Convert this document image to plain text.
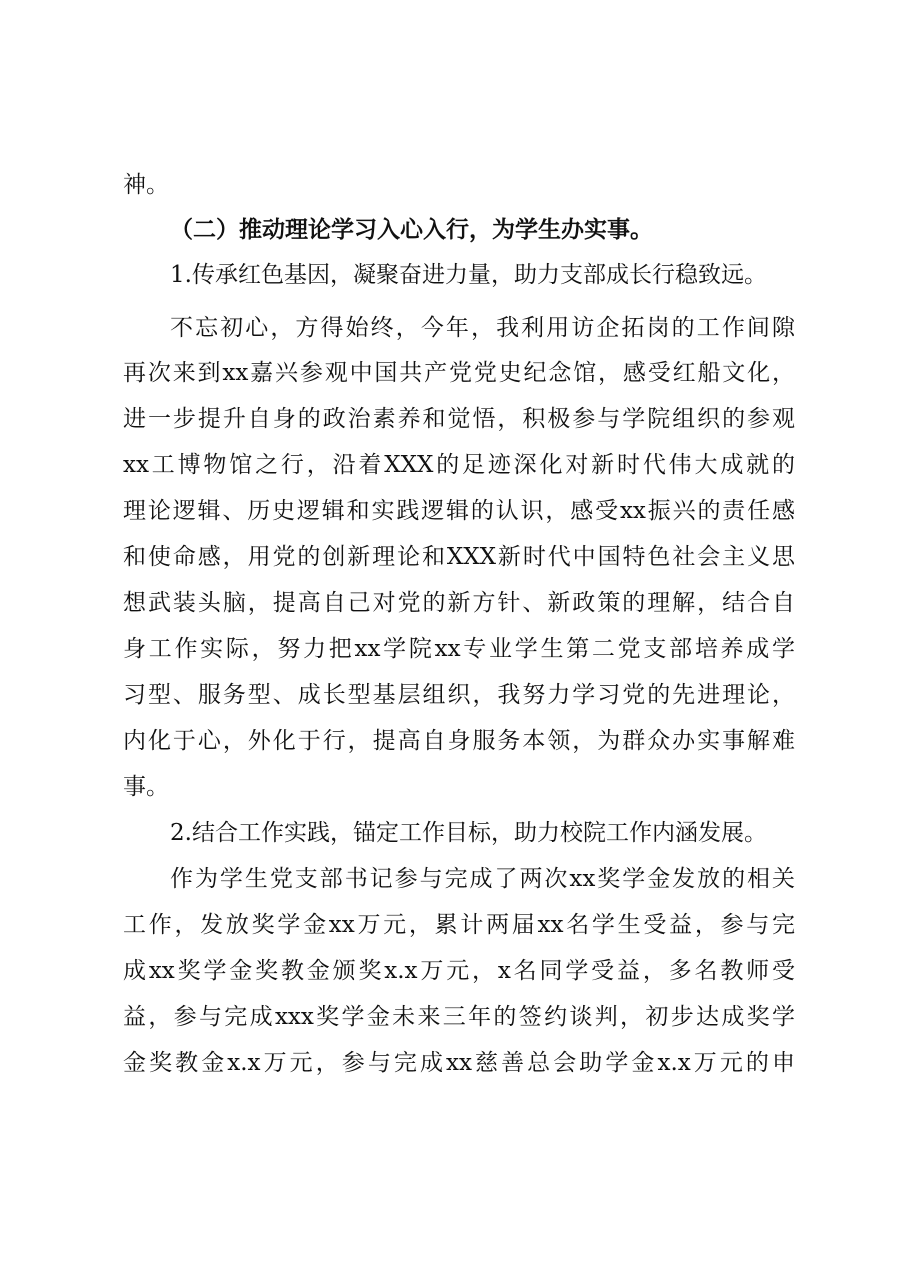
神。
（二）推动理论学习入心入行，为学生办实事。
1.传承红色基因，凝聚奋进力量，助力支部成长行稳致远。
不忘初心，方得始终，今年，我利用访企拓岗的工作间隙
再次来到xx嘉兴参观中国共产党党史纪念馆，感受红船文化，
进一步提升自身的政治素养和觉悟，积极参与学院组织的参观
xx工博物馆之行，沿着XXX的足迹深化对新时代伟大成就的
理论逻辑、历史逻辑和实践逻辑的认识，感受xx振兴的责任感
和使命感，用党的创新理论和XXX新时代中国特色社会主义思
想武装头脑，提高自己对党的新方针、新政策的理解，结合自
身工作实际，努力把xx学院xx专业学生第二党支部培养成学
习型、服务型、成长型基层组织，我努力学习党的先进理论，
内化于心，外化于行，提高自身服务本领，为群众办实事解难
事。
2.结合工作实践，锚定工作目标，助力校院工作内涵发展。
作为学生党支部书记参与完成了两次xx奖学金发放的相关
工作，发放奖学金xx万元，累计两届xx名学生受益，参与完
成xx奖学金奖教金颁奖x.x万元，x名同学受益，多名教师受
益，参与完成xxx奖学金未来三年的签约谈判，初步达成奖学
金奖教金x.x万元，参与完成xx慈善总会助学金x.x万元的申
